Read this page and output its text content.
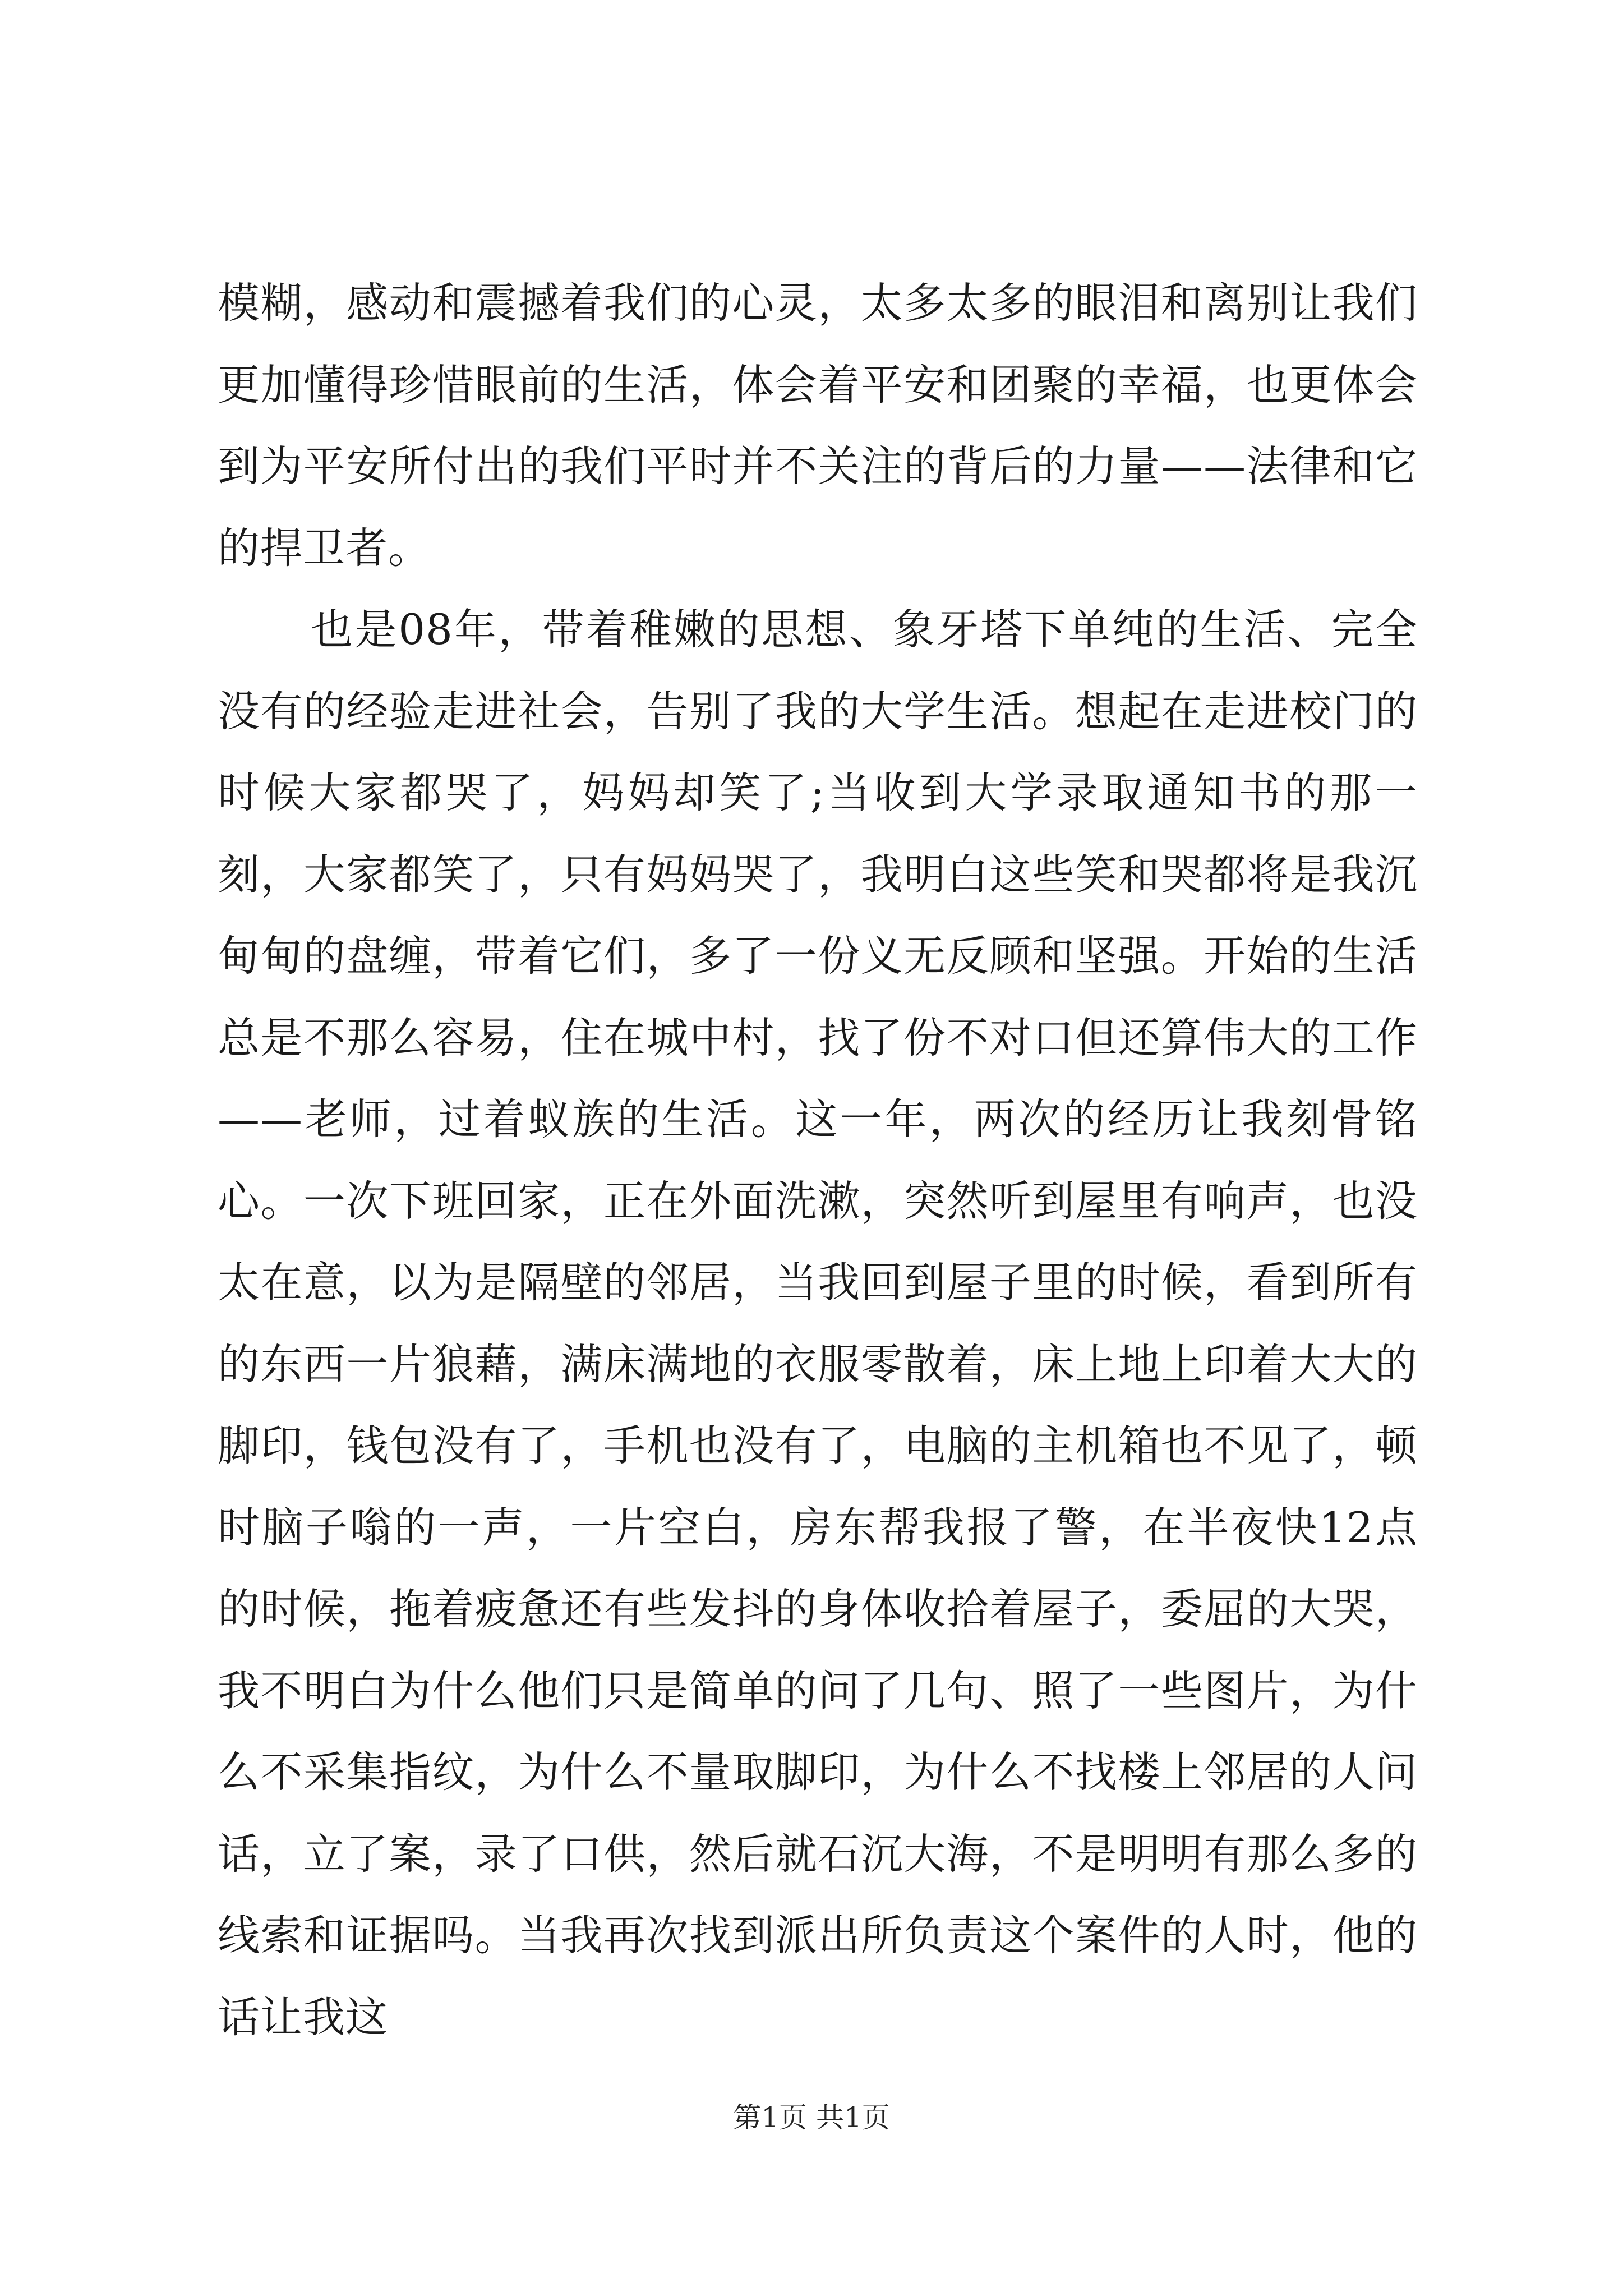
模糊，感动和震撼着我们的心灵，太多太多的眼泪和离别让我们更加懂得珍惜眼前的生活，体会着平安和团聚的幸福，也更体会到为平安所付出的我们平时并不关注的背后的力量——法律和它的捍卫者。

也是08年，带着稚嫩的思想、象牙塔下单纯的生活、完全没有的经验走进社会，告别了我的大学生活。想起在走进校门的时候大家都哭了，妈妈却笑了;当收到大学录取通知书的那一刻，大家都笑了，只有妈妈哭了，我明白这些笑和哭都将是我沉甸甸的盘缠，带着它们，多了一份义无反顾和坚强。开始的生活总是不那么容易，住在城中村，找了份不对口但还算伟大的工作——老师，过着蚁族的生活。这一年，两次的经历让我刻骨铭心。一次下班回家，正在外面洗漱，突然听到屋里有响声，也没太在意，以为是隔壁的邻居，当我回到屋子里的时候，看到所有的东西一片狼藉，满床满地的衣服零散着，床上地上印着大大的脚印，钱包没有了，手机也没有了，电脑的主机箱也不见了，顿时脑子嗡的一声，一片空白，房东帮我报了警，在半夜快12点的时候，拖着疲惫还有些发抖的身体收拾着屋子，委屈的大哭，我不明白为什么他们只是简单的问了几句、照了一些图片，为什么不采集指纹，为什么不量取脚印，为什么不找楼上邻居的人问话，立了案，录了口供，然后就石沉大海，不是明明有那么多的线索和证据吗。当我再次找到派出所负责这个案件的人时，他的话让我这

第1页 共1页
